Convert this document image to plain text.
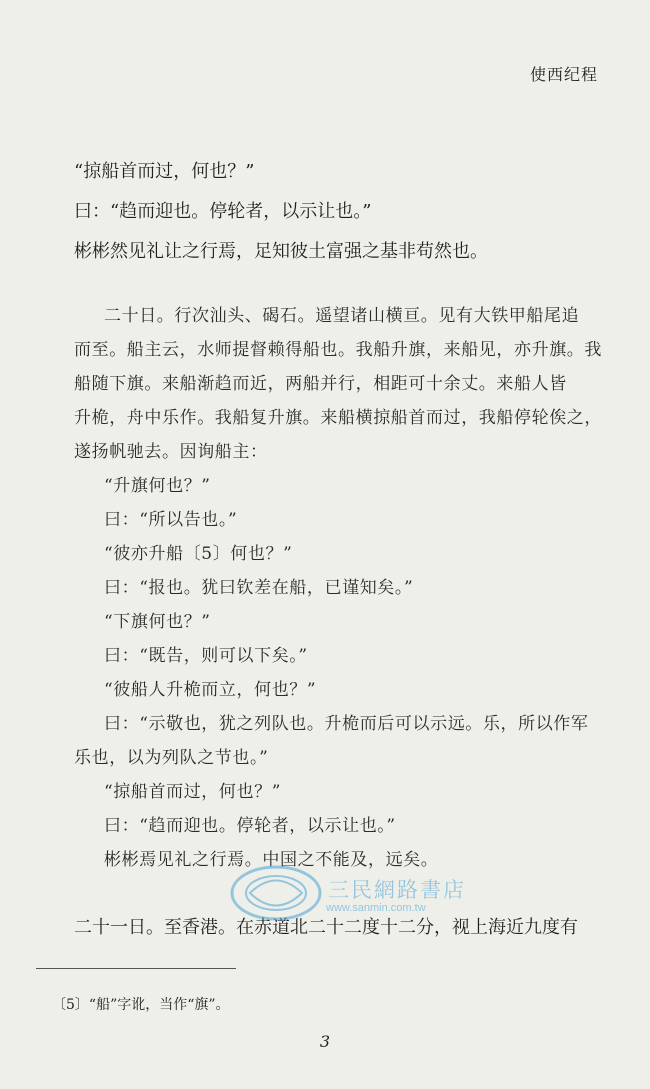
使西纪程
“掠船首而过，何也？”
曰：“趋而迎也。停轮者，以示让也。”
彬彬然见礼让之行焉，足知彼土富强之基非苟然也。
二十日。行次汕头、碣石。遥望诸山横亘。见有大铁甲船尾追
而至。船主云，水师提督赖得船也。我船升旗，来船见，亦升旗。我
船随下旗。来船渐趋而近，两船并行，相距可十余丈。来船人皆
升桅，舟中乐作。我船复升旗。来船横掠船首而过，我船停轮俟之，
遂扬帆驰去。因询船主：
“升旗何也？”
曰：“所以告也。”
“彼亦升船〔5〕何也？”
曰：“报也。犹曰钦差在船，已谨知矣。”
“下旗何也？”
曰：“既告，则可以下矣。”
“彼船人升桅而立，何也？”
曰：“示敬也，犹之列队也。升桅而后可以示远。乐，所以作军
乐也，以为列队之节也。”
“掠船首而过，何也？”
曰：“趋而迎也。停轮者，以示让也。”
彬彬焉见礼之行焉。中国之不能及，远矣。
二十一日。至香港。在赤道北二十二度十二分，视上海近九度有
三民網路書店
www.sanmin.com.tw
〔5〕“船”字讹，当作“旗”。
3
